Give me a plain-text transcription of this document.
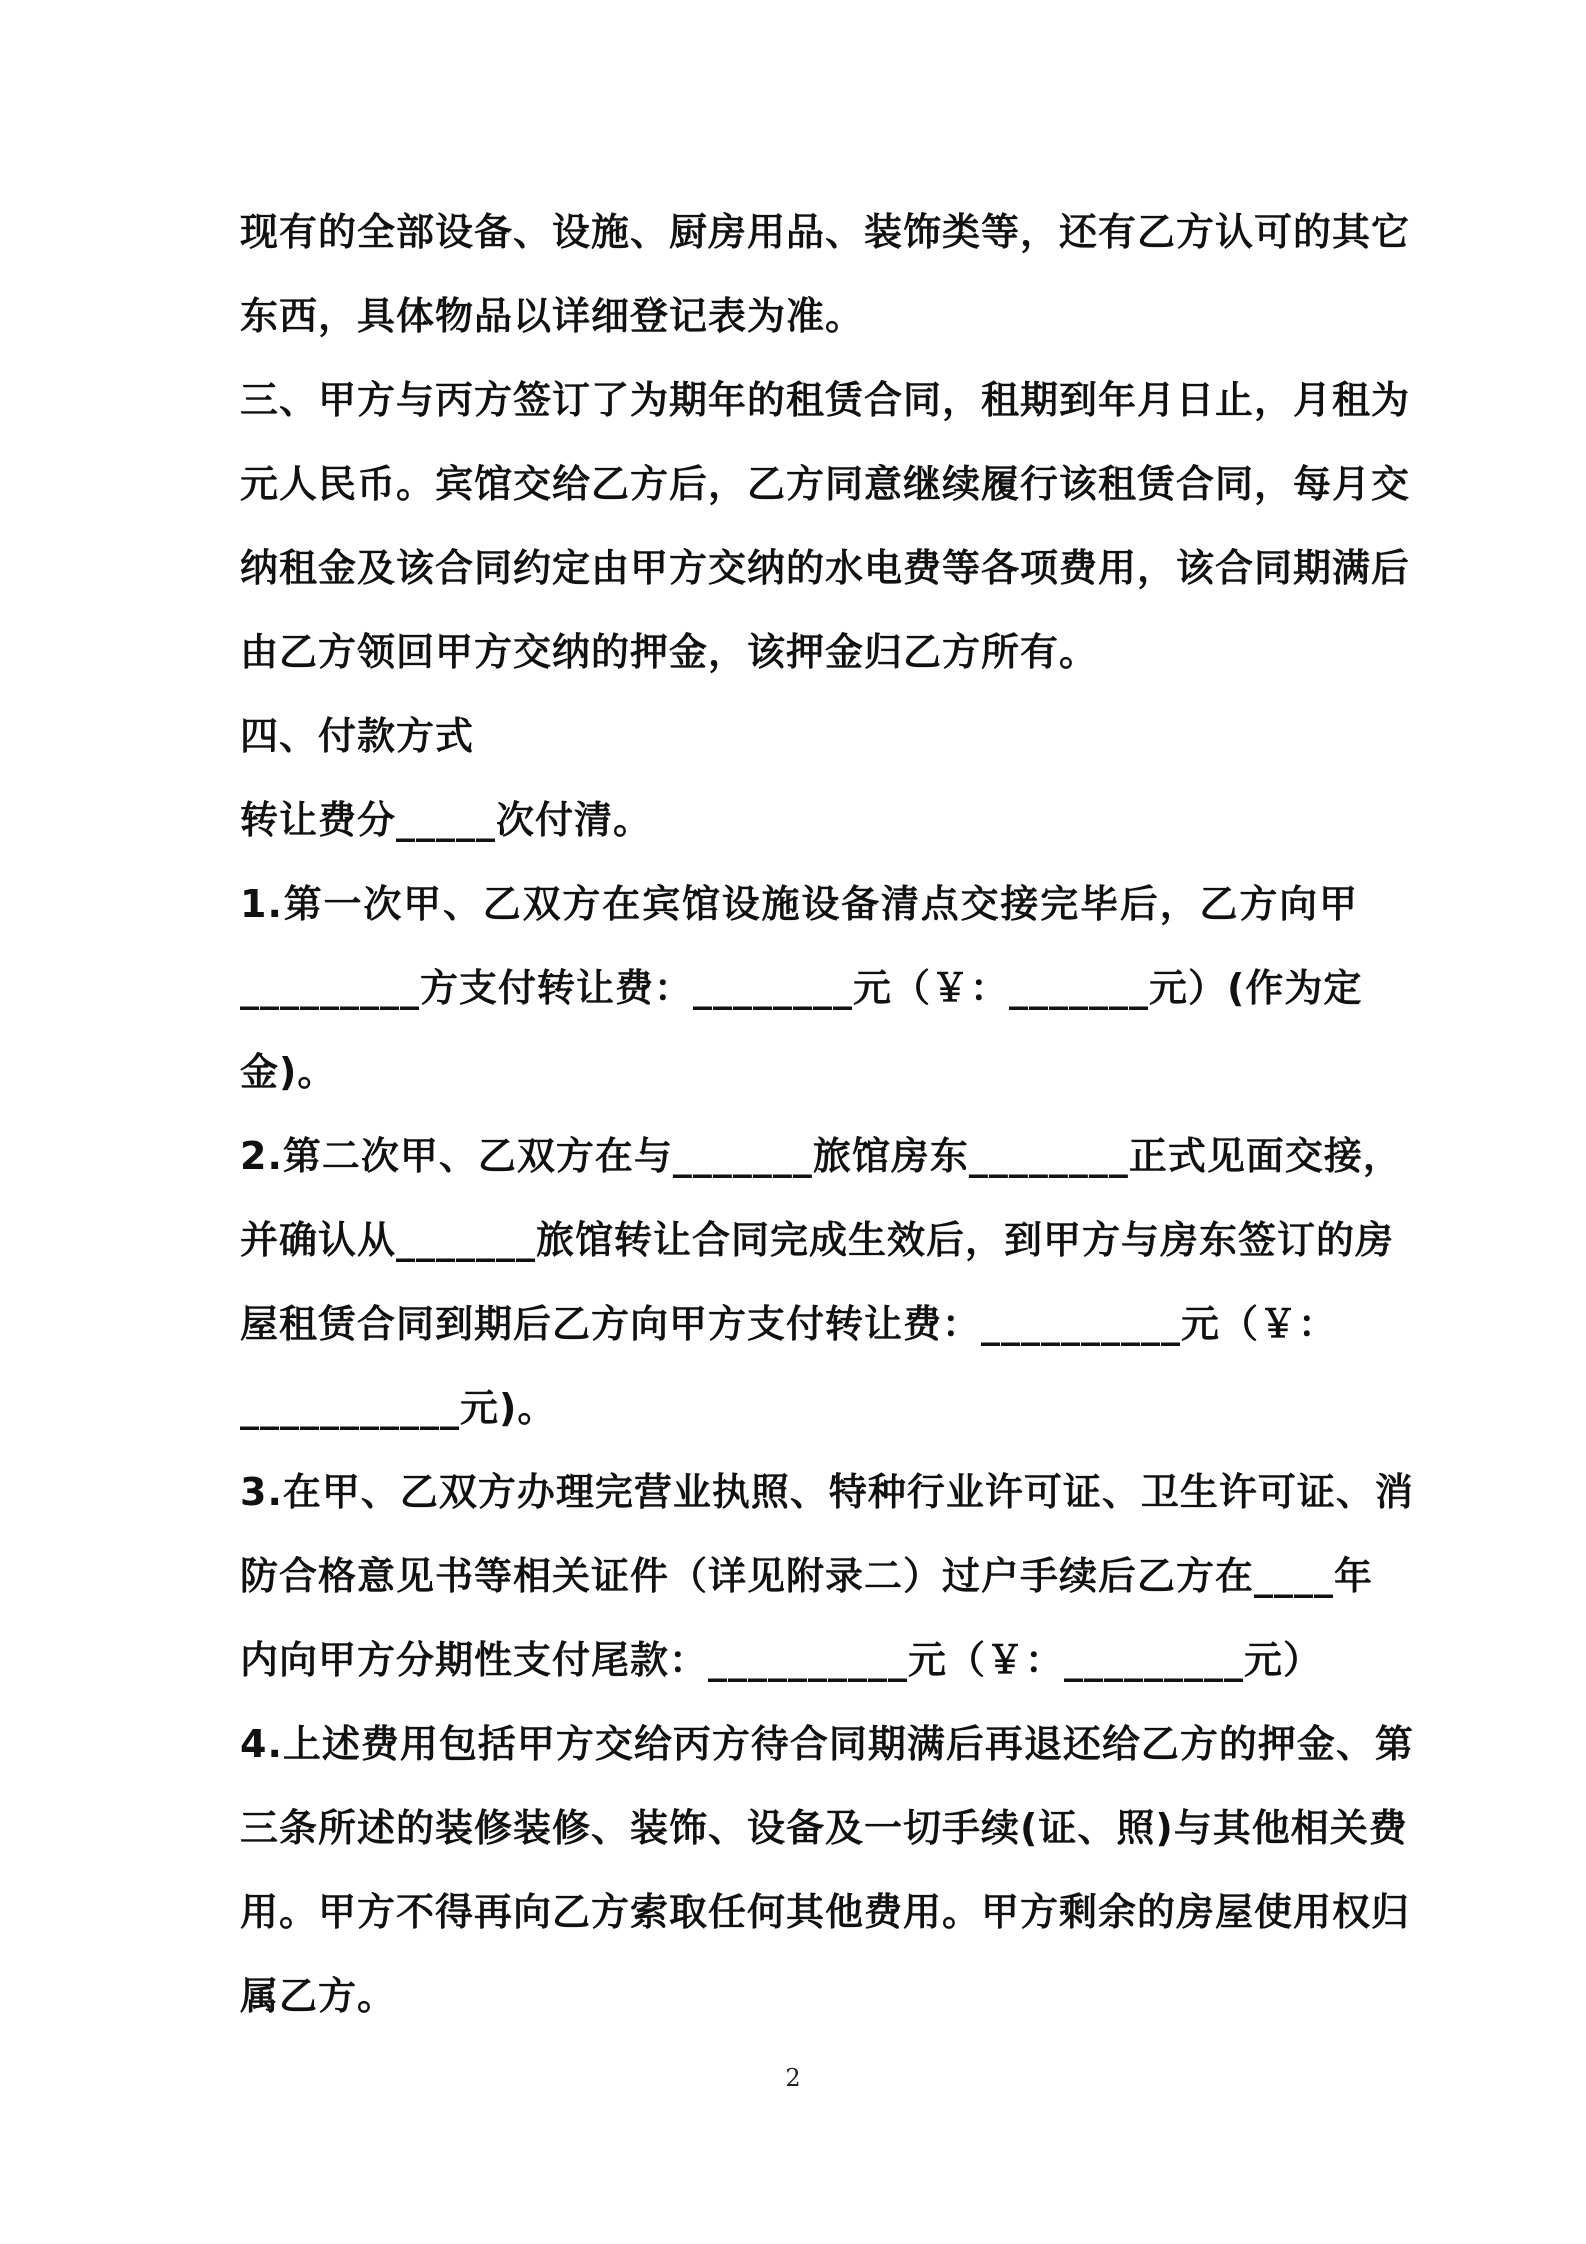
现有的全部设备、设施、厨房用品、装饰类等，还有乙方认可的其它
东西，具体物品以详细登记表为准。
三、甲方与丙方签订了为期年的租赁合同，租期到年月日止，月租为
元人民币。宾馆交给乙方后，乙方同意继续履行该租赁合同，每月交
纳租金及该合同约定由甲方交纳的水电费等各项费用，该合同期满后
由乙方领回甲方交纳的押金，该押金归乙方所有。
四、付款方式
转让费分_____次付清。
1.第一次甲、乙双方在宾馆设施设备清点交接完毕后，乙方向甲
_________方支付转让费：________元（￥：_______元）(作为定
金)。
2.第二次甲、乙双方在与_______旅馆房东________正式见面交接，
并确认从_______旅馆转让合同完成生效后，到甲方与房东签订的房
屋租赁合同到期后乙方向甲方支付转让费：__________元（￥：
___________元)。
3.在甲、乙双方办理完营业执照、特种行业许可证、卫生许可证、消
防合格意见书等相关证件（详见附录二）过户手续后乙方在____年
内向甲方分期性支付尾款：__________元（￥：_________元）
4.上述费用包括甲方交给丙方待合同期满后再退还给乙方的押金、第
三条所述的装修装修、装饰、设备及一切手续(证、照)与其他相关费
用。甲方不得再向乙方索取任何其他费用。甲方剩余的房屋使用权归
属乙方。
2
